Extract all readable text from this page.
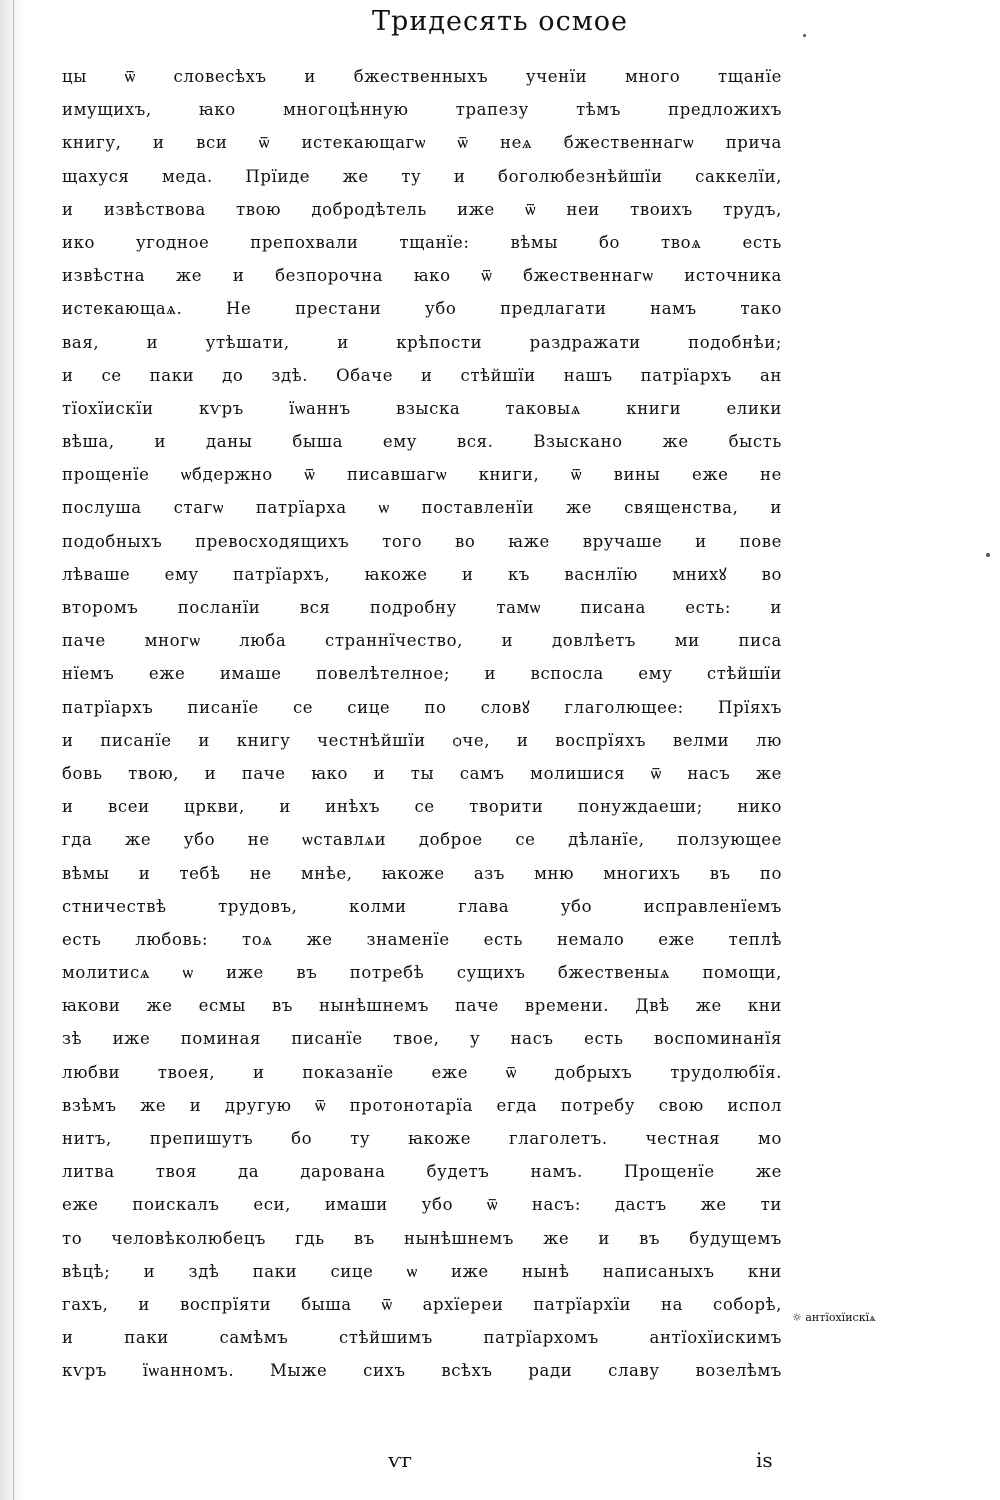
Тридесять осмое
цы ѿ словесѣхъ и бжественныхъ ученїи много тщанїе
имущихъ, ꙗко многоцѣнную трапезу тѣмъ предложихъ
книгу, и вси ѿ истекающагѡ ѿ неѧ бжественнагѡ прича
щахуся меда. Прїиде же ту и боголюбезнѣйшїи саккелїи,
и извѣствова твою добродѣтель иже ѿ неи твоихъ трудъ,
ико угодное препохвали тщанїе: вѣмы бо твоѧ есть
извѣстна же и безпорочна ꙗко ѿ бжественнагѡ источника
истекающаѧ. Не престани убо предлагати намъ тако
вая, и утѣшати, и крѣпости раздражати подобнѣи;
и се паки до здѣ. Обаче и стѣйшїи нашъ патрїархъ ан
тїохїискїи кѵръ їѡаннъ взыска таковыѧ книги елики
вѣша, и даны быша ему вся. Взыскано же бысть
прощенїе ѡбдержно ѿ писавшагѡ книги, ѿ вины еже не
послуша стагѡ патрїарха ѡ поставленїи же священства, и
подобныхъ превосходящихъ того во ꙗже вручаше и пове
лѣваше ему патрїархъ, ꙗкоже и къ васнлїю мнихꙋ во
второмъ посланїи вся подробну тамѡ писана есть: и
паче многѡ люба страннїчество, и довлѣетъ ми писа
нїемъ еже имаше повелѣтелное; и вспосла ему стѣйшїи
патрїархъ писанїе се сице по словꙋ глаголющее: Прїяхъ
и писанїе и книгу честнѣйшїи ѻче, и воспрїяхъ велми лю
бовь твою, и паче ꙗко и ты самъ молишися ѿ насъ же
и всеи цркви, и инѣхъ се творити понуждаеши; нико
гда же убо не ѡставлѧи доброе се дѣланїе, ползующее
вѣмы и тебѣ не мнѣе, ꙗкоже азъ мню многихъ въ по
стничествѣ трудовъ, колми глава убо исправленїемъ
есть любовь: тоѧ же знаменїе есть немало еже теплѣ
молитисѧ ѡ иже въ потребѣ сущихъ бжественыѧ помощи,
ꙗкови же есмы въ нынѣшнемъ паче времени. Двѣ же кни
зѣ иже поминая писанїе твое, у насъ есть воспоминанїя
любви твоея, и показанїе еже ѿ добрыхъ трудолюбїя.
взѣмъ же и другую ѿ протонотарїа егда потребу свою испол
нитъ, препишутъ бо ту ꙗкоже глаголетъ. честная мо
литва твоя да дарована будетъ намъ. Прощенїе же
еже поискалъ еси, имаши убо ѿ насъ: дастъ же ти
то человѣколюбецъ гдь въ нынѣшнемъ же и въ будущемъ
вѣцѣ; и здѣ паки сице ѡ иже нынѣ написаныхъ кни
гахъ, и воспрїяти быша ѿ архїереи патрїархїи на соборѣ,
и паки самѣмъ стѣйшимъ патрїархомъ антїохїискимъ
кѵръ їѡанномъ. Мыже сихъ всѣхъ ради славу возелѣмъ
☼ антїохїискїѧ
ѵг	іѕ
